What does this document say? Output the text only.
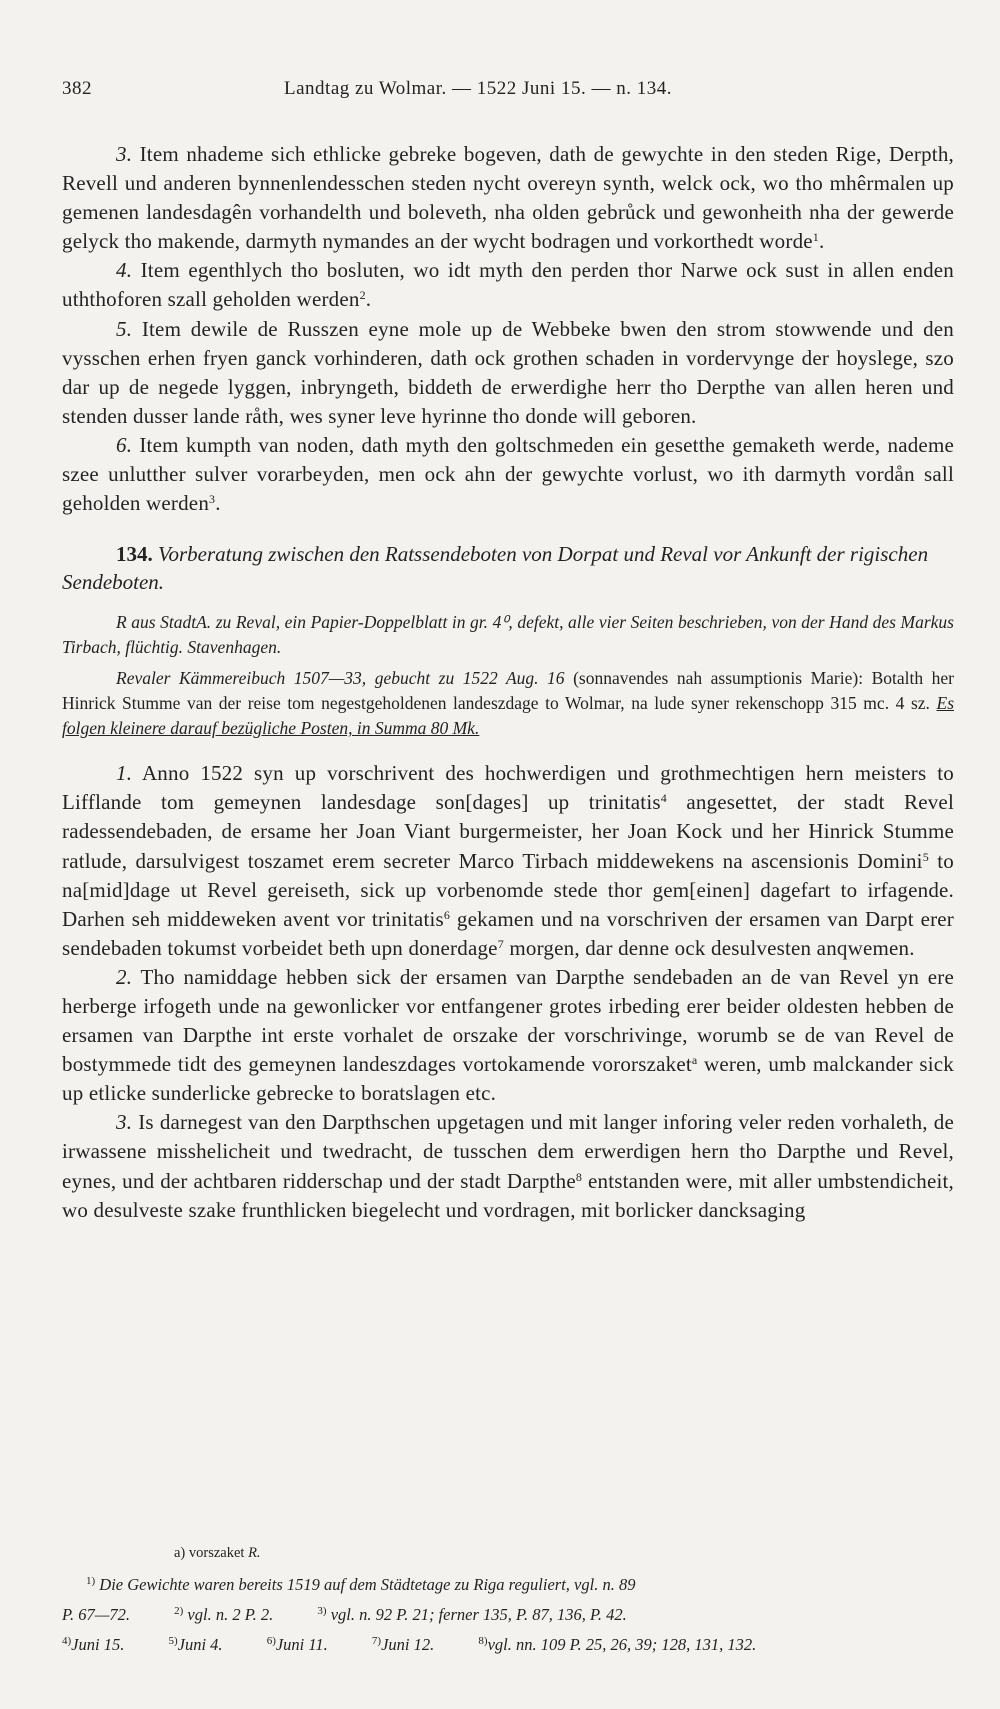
382	Landtag zu Wolmar. — 1522 Juni 15. — n. 134.

3. Item nhademe sich ethlicke gebreke bogeven, dath de gewychte in den steden Rige, Derpth, Revell und anderen bynnenlendesschen steden nycht overeyn synth, welck ock, wo tho mhêrmalen up gemenen landesdagên vorhandelth und boleveth, nha olden gebrůck und gewonheith nha der gewerde gelyck tho makende, darmyth nymandes an der wycht bodragen und vorkorthedt worde$^1$.

4. Item egenthlych tho bosluten, wo idt myth den perden thor Narwe ock sust in allen enden uththoforen szall geholden werden$^2$.

5. Item dewile de Russzen eyne mole up de Webbeke bwen den strom stowwende und den vysschen erhen fryen ganck vorhinderen, dath ock grothen schaden in vordervynge der hoyslege, szo dar up de negede lyggen, inbryngeth, biddeth de erwerdighe herr tho Derpthe van allen heren und stenden dusser lande råth, wes syner leve hyrinne tho donde will geboren.

6. Item kumpth van noden, dath myth den goltschmeden ein gesetthe gemaketh werde, nademe szee unlutther sulver vorarbeyden, men ock ahn der gewychte vorlust, wo ith darmyth vordån sall geholden werden$^3$.

134. Vorberatung zwischen den Ratssendeboten von Dorpat und Reval vor Ankunft der rigischen Sendeboten.

R aus StadtA. zu Reval, ein Papier-Doppelblatt in gr. 4⁰, defekt, alle vier Seiten beschrieben, von der Hand des Markus Tirbach, flüchtig. Stavenhagen.

Revaler Kämmereibuch 1507—33, gebucht zu 1522 Aug. 16 (sonnavendes nah assumptionis Marie): Botalth her Hinrick Stumme van der reise tom negestgeholdenen landeszdage to Wolmar, na lude syner rekenschopp 315 mc. 4 sz. Es folgen kleinere darauf bezügliche Posten, in Summa 80 Mk.

1. Anno 1522 syn up vorschrivent des hochwerdigen und grothmechtigen hern meisters to Lifflande tom gemeynen landesdage son[dages] up trinitatis$^4$ angesettet, der stadt Revel radessendebaden, de ersame her Joan Viant burgermeister, her Joan Kock und her Hinrick Stumme ratlude, darsulvigest toszamet erem secreter Marco Tirbach middewekens na ascensionis Domini$^5$ to na[mid]dage ut Revel gereiseth, sick up vorbenomde stede thor gem[einen] dagefart to irfagende. Darhen seh middeweken avent vor trinitatis$^6$ gekamen und na vorschriven der ersamen van Darpt erer sendebaden tokumst vorbeidet beth upn donerdage$^7$ morgen, dar denne ock desulvesten anqwemen.

2. Tho namiddage hebben sick der ersamen van Darpthe sendebaden an de van Revel yn ere herberge irfogeth unde na gewonlicker vor entfangener grotes irbeding erer beider oldesten hebben de ersamen van Darpthe int erste vorhalet de orszake der vorschrivinge, worumb se de van Revel de bostymmede tidt des gemeynen landeszdages vortokamende vororszaket$^a$ weren, umb malckander sick up etlicke sunderlicke gebrecke to boratslagen etc.

3. Is darnegest van den Darpthschen upgetagen und mit langer inforing veler reden vorhaleth, de irwassene misshelicheit und twedracht, de tusschen dem erwerdigen hern tho Darpthe und Revel, eynes, und der achtbaren ridderschap und der stadt Darpthe$^8$ entstanden were, mit aller umbstendicheit, wo desulveste szake frunthlicken biegelecht und vordragen, mit borlicker dancksaging

a) vorszaket R.
$^{1)}$ Die Gewichte waren bereits 1519 auf dem Städtetage zu Riga reguliert, vgl. n. 89
P. 67—72.	$^{2)}$ vgl. n. 2 P. 2.	$^{3)}$ vgl. n. 92 P. 21; ferner 135, P. 87, 136, P. 42.
$^{4)}$Juni 15.	$^{5)}$Juni 4.	$^{6)}$Juni 11.	$^{7)}$Juni 12.	$^{8)}$vgl. nn. 109 P. 25, 26, 39; 128, 131, 132.
